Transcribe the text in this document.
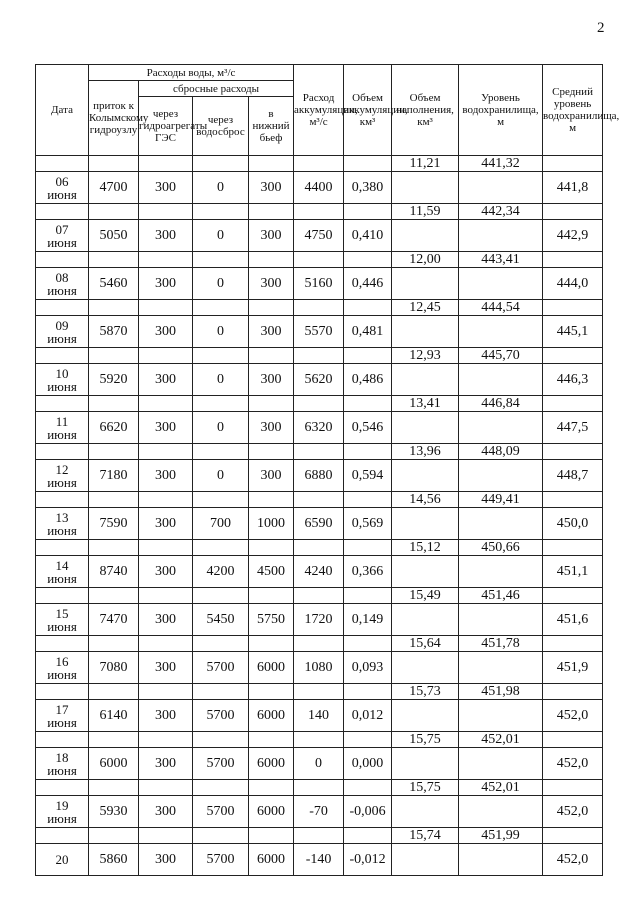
2
Дата	Расходы воды, м³/с				Расход аккумуляции, м³/с	Объем аккумуляции, км³	Объем наполнения, км³	Уровень водохранилища, м	Средний уровень водохранилища, м
	приток к Колымскому гидроузлу	сбросные расходы							
		через гидроагрегаты ГЭС	через водосброс	в нижний бьеф					
							11,21	441,32	
06
июня	4700	300	0	300	4400	0,380			441,8
							11,59	442,34	
07
июня	5050	300	0	300	4750	0,410			442,9
							12,00	443,41	
08
июня	5460	300	0	300	5160	0,446			444,0
							12,45	444,54	
09
июня	5870	300	0	300	5570	0,481			445,1
							12,93	445,70	
10
июня	5920	300	0	300	5620	0,486			446,3
							13,41	446,84	
11
июня	6620	300	0	300	6320	0,546			447,5
							13,96	448,09	
12
июня	7180	300	0	300	6880	0,594			448,7
							14,56	449,41	
13
июня	7590	300	700	1000	6590	0,569			450,0
							15,12	450,66	
14
июня	8740	300	4200	4500	4240	0,366			451,1
							15,49	451,46	
15
июня	7470	300	5450	5750	1720	0,149			451,6
							15,64	451,78	
16
июня	7080	300	5700	6000	1080	0,093			451,9
							15,73	451,98	
17
июня	6140	300	5700	6000	140	0,012			452,0
							15,75	452,01	
18
июня	6000	300	5700	6000	0	0,000			452,0
							15,75	452,01	
19
июня	5930	300	5700	6000	-70	-0,006			452,0
							15,74	451,99	
20	5860	300	5700	6000	-140	-0,012			452,0
